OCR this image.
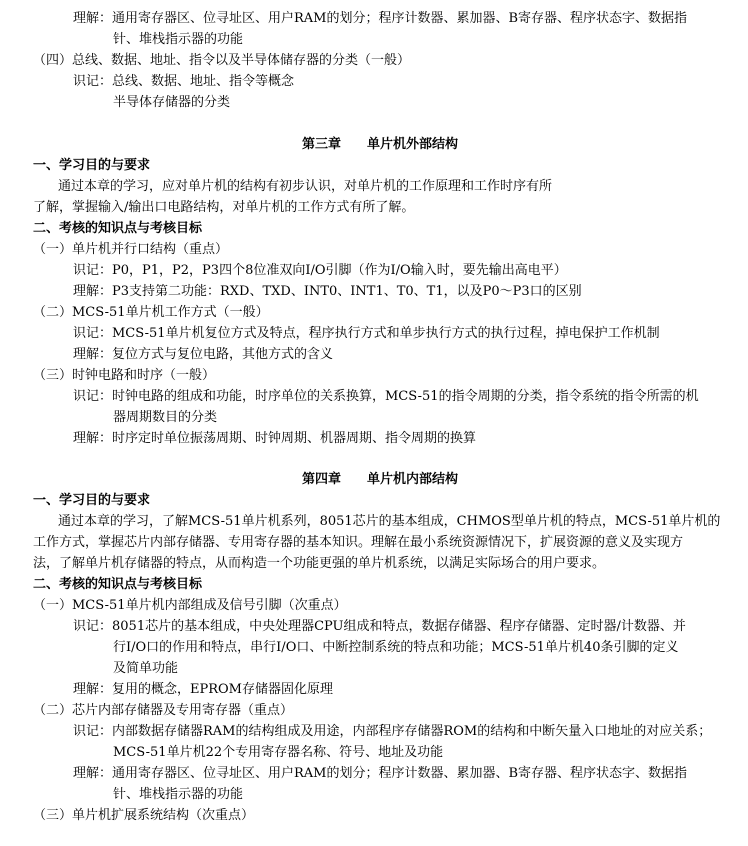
理解：通用寄存器区、位寻址区、用户RAM的划分；程序计数器、累加器、B寄存器、程序状态字、数据指
针、堆栈指示器的功能
（四）总线、数据、地址、指令以及半导体储存器的分类（一般）
识记：总线、数据、地址、指令等概念
半导体存储器的分类
第三章　　单片机外部结构
一、学习目的与要求
通过本章的学习，应对单片机的结构有初步认识，对单片机的工作原理和工作时序有所
了解，掌握输入/输出口电路结构，对单片机的工作方式有所了解。
二、考核的知识点与考核目标
（一）单片机并行口结构（重点）
识记：P0，P1，P2，P3四个8位准双向I/O引脚（作为I/O输入时，要先输出高电平）
理解：P3支持第二功能：RXD、TXD、INT0、INT1、T0、T1，以及P0～P3口的区别
（二）MCS-51单片机工作方式（一般）
识记：MCS-51单片机复位方式及特点，程序执行方式和单步执行方式的执行过程，掉电保护工作机制
理解：复位方式与复位电路，其他方式的含义
（三）时钟电路和时序（一般）
识记：时钟电路的组成和功能，时序单位的关系换算，MCS-51的指令周期的分类，指令系统的指令所需的机
器周期数目的分类
理解：时序定时单位振荡周期、时钟周期、机器周期、指令周期的换算
第四章　　单片机内部结构
一、学习目的与要求
通过本章的学习，了解MCS-51单片机系列，8051芯片的基本组成，CHMOS型单片机的特点，MCS-51单片机的
工作方式，掌握芯片内部存储器、专用寄存器的基本知识。理解在最小系统资源情况下，扩展资源的意义及实现方
法，了解单片机存储器的特点，从而构造一个功能更强的单片机系统，以满足实际场合的用户要求。
二、考核的知识点与考核目标
（一）MCS-51单片机内部组成及信号引脚（次重点）
识记：8051芯片的基本组成，中央处理器CPU组成和特点，数据存储器、程序存储器、定时器/计数器、并
行I/O口的作用和特点，串行I/O口、中断控制系统的特点和功能；MCS-51单片机40条引脚的定义
及简单功能
理解：复用的概念，EPROM存储器固化原理
（二）芯片内部存储器及专用寄存器（重点）
识记：内部数据存储器RAM的结构组成及用途，内部程序存储器ROM的结构和中断矢量入口地址的对应关系；
MCS-51单片机22个专用寄存器名称、符号、地址及功能
理解：通用寄存器区、位寻址区、用户RAM的划分；程序计数器、累加器、B寄存器、程序状态字、数据指
针、堆栈指示器的功能
（三）单片机扩展系统结构（次重点）
